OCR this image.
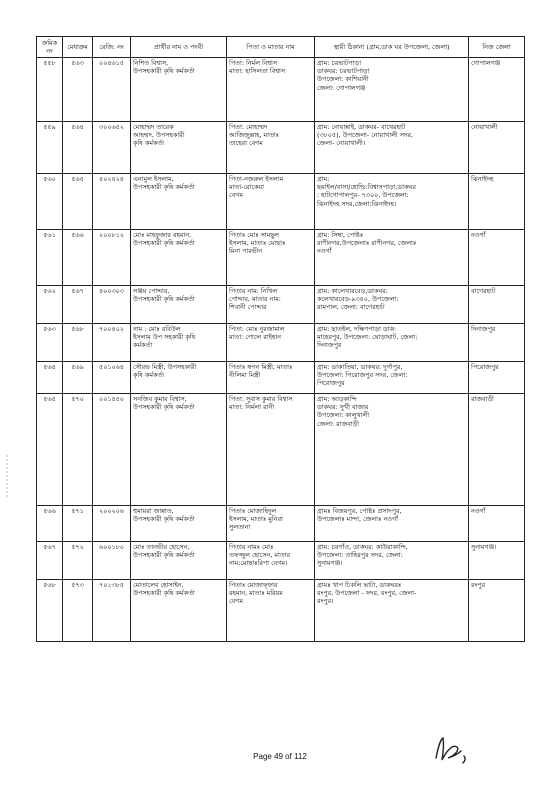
ক্রমিক নং	মেধাক্রম	রেজি: নং	প্রার্থীর নাম ও পদবী	পিতা ও মাতার নাম	স্থায়ী ঠিকানা (গ্রাম,ডাক ঘর উপজেলা, জেলা)	নিজ জেলা
৫৫৮	৫৬৩	০০৪৬১৫	নিশিত বিশ্বাস,
উপসহকারী কৃষি কর্মকর্তা	পিতা: নির্মল বিশ্বাস
মাতা: হাসিলতা বিশ্বাস	গ্রাম: চরভাটপাড়া
ডাকঘর: চরভাটপাড়া
উপজেলা: কাশিয়ানী
জেলা: গোপালগঞ্জ	গোপালগঞ্জ
৫৫৯	৫৬৪	৩০০৬৫২	মোহাম্মদ তারেক
আহম্মদ, উপসহকারী
কৃষি কর্মকর্তা	পিতা: মোহাম্মদ
আজিজুল্লাহ, মাতাঃ
তাহেরা বেগম	গ্রাম: নোয়ান্নাই, ডাকঘর- বাথেরহাট
(৩৮০৫), উপজেলা- নোয়াখালী সদর,
জেলা- নোয়াখালী।	নোয়াখালী
৫৬০	৫৬৫	৪০২৪২৪	এনামুল ইসলাম,
উপসহকারী কৃষি কর্মকর্তা	পিতা-নজরুল ইসলাম
মাতা-রোকেয়া
বেগম	গ্রাম:
ছয়াইল/বাসা/হোল্ডি:বিশ্বাসপাড়া,ডাকঘর
: হাটগোপালপুর- ৭৩০০, উপজেলা:
ঝিনাইদহ সদর,জেলা:ঝিনাইদহ।	ঝিনাইদহ
৫৬১	৫৬৬	২০০৮১২	মোঃ মাহফুজার রহমান,
উপসহকারী কৃষি কর্মকর্তা	পিতাঃ মোঃ সামছুল
ইসলাম, মাতাঃ মোছাঃ
মিনা পারভীন	গ্রাম: সিম্বা, পোষ্টঃ
রাণীনগর,উপজেলাঃ রাণীনগর, জেলাঃ
নওগাঁ	নওগাঁ
৫৬২	৫৬৭	৪০০৩০৩	সঞ্জয় পোদ্দার,
উপসহকারী কৃষি কর্মকর্তা	পিতার নাম: নিখিল
পোদ্দার, মাতার নাম:
শিবানী পোদ্দার	গ্রাম: কালেখারবেড়,ডাকঘর:
কলেখারবেড়-৯৩৪০, উপজেলা:
রামপাল, জেলা: বাগেরহাট	বাগেরহাট
৫৬৩	৫৬৮	৭০০৪০২	নাম : মোঃ রবিউল
ইসলাম উপ সহকারী কৃষি
কর্মকর্তা	পিতা: মোঃ নুরজামাল
মাতা: গোলে রাইহান	গ্রাম: ছাতইল, দক্ষিণপাড়া ডাক:
মাহেরপুর, উপজেলা: ঘোড়াঘাট, জেলা:
দিনাজপুর	দিনাজপুর
৫৬৪	৫৬৯	৫০১০৬৪	সৌরভ মিস্ত্রী, উপসহকারী
কৃষি কর্মকর্তা	পিতাঃ স্বপন মিস্ত্রী, মাতাঃ
নীলিমা মিস্ত্রী	গ্রাম: ডাকাতিয়া, ডাকঘর: দুর্গাপুর,
উপজেলা: পিরোজপুর সদর, জেলা:
পিরোজপুর	পিরোজপুর
৫৬৫	৫৭০	০০১৪৫০	সনজিব কুমার বিশ্বাস,
উপসহকারী কৃষি কর্মকর্তা	পিতা: সুবাস কুমার বিশ্বাস
মাতা: নির্মলা রানী	গ্রাম: আড়কান্দি
ডাকঘর: সুখী বাজার
উপজেলা: কালুখালী
জেলা: রাজবাড়ী	রাজবাড়ী
৫৬৬	৫৭১	২০০২০৬	হুমায়রা জান্নাত,
উপসহকারী কৃষি কর্মকর্তা	পিতাঃ মোজাহিদুল
ইসলাম, মাতাঃ মুনিরা
সুলতানা	গ্রামঃ বিজয়পুর, পোষ্টঃ প্রসাদপুর,
উপজেলাঃ মান্দা, জেলাঃ নওগাঁ	নওগাঁ
৫৬৭	৫৭২	৬০০১৮০	মোঃ তানভীর হোসেন,
উপসহকারী কৃষি কর্মকর্তা	পিতার নামঃ মোঃ
তফজ্জুল হোসেন, মাতার
নাম:মোছাঃরিপা বেগম।	গ্রাম: চরগাঁও, ডাকঘর: কাউরাকান্দি,
উপজেলা: তাহিরপুর সদর, জেলা:
সুনামগঞ্জ।	সুনামগঞ্জ।
৫৬৮	৫৭৩	৭০১৩৮৫	মোতালেব হোসাইন,
উপসহকারী কৃষি কর্মকর্তা	পিতাঃ মোজাফ্ফার
রহমান, মাতাঃ মরিয়ম
বেগম	গ্রামঃ খাপ চিকলি ভাটা, ডাকঘরঃ
রংপুর, উপজেলা - সদর, রংপুর, জেলা-
রংপুর।	রংপুর
Page 49 of 112
